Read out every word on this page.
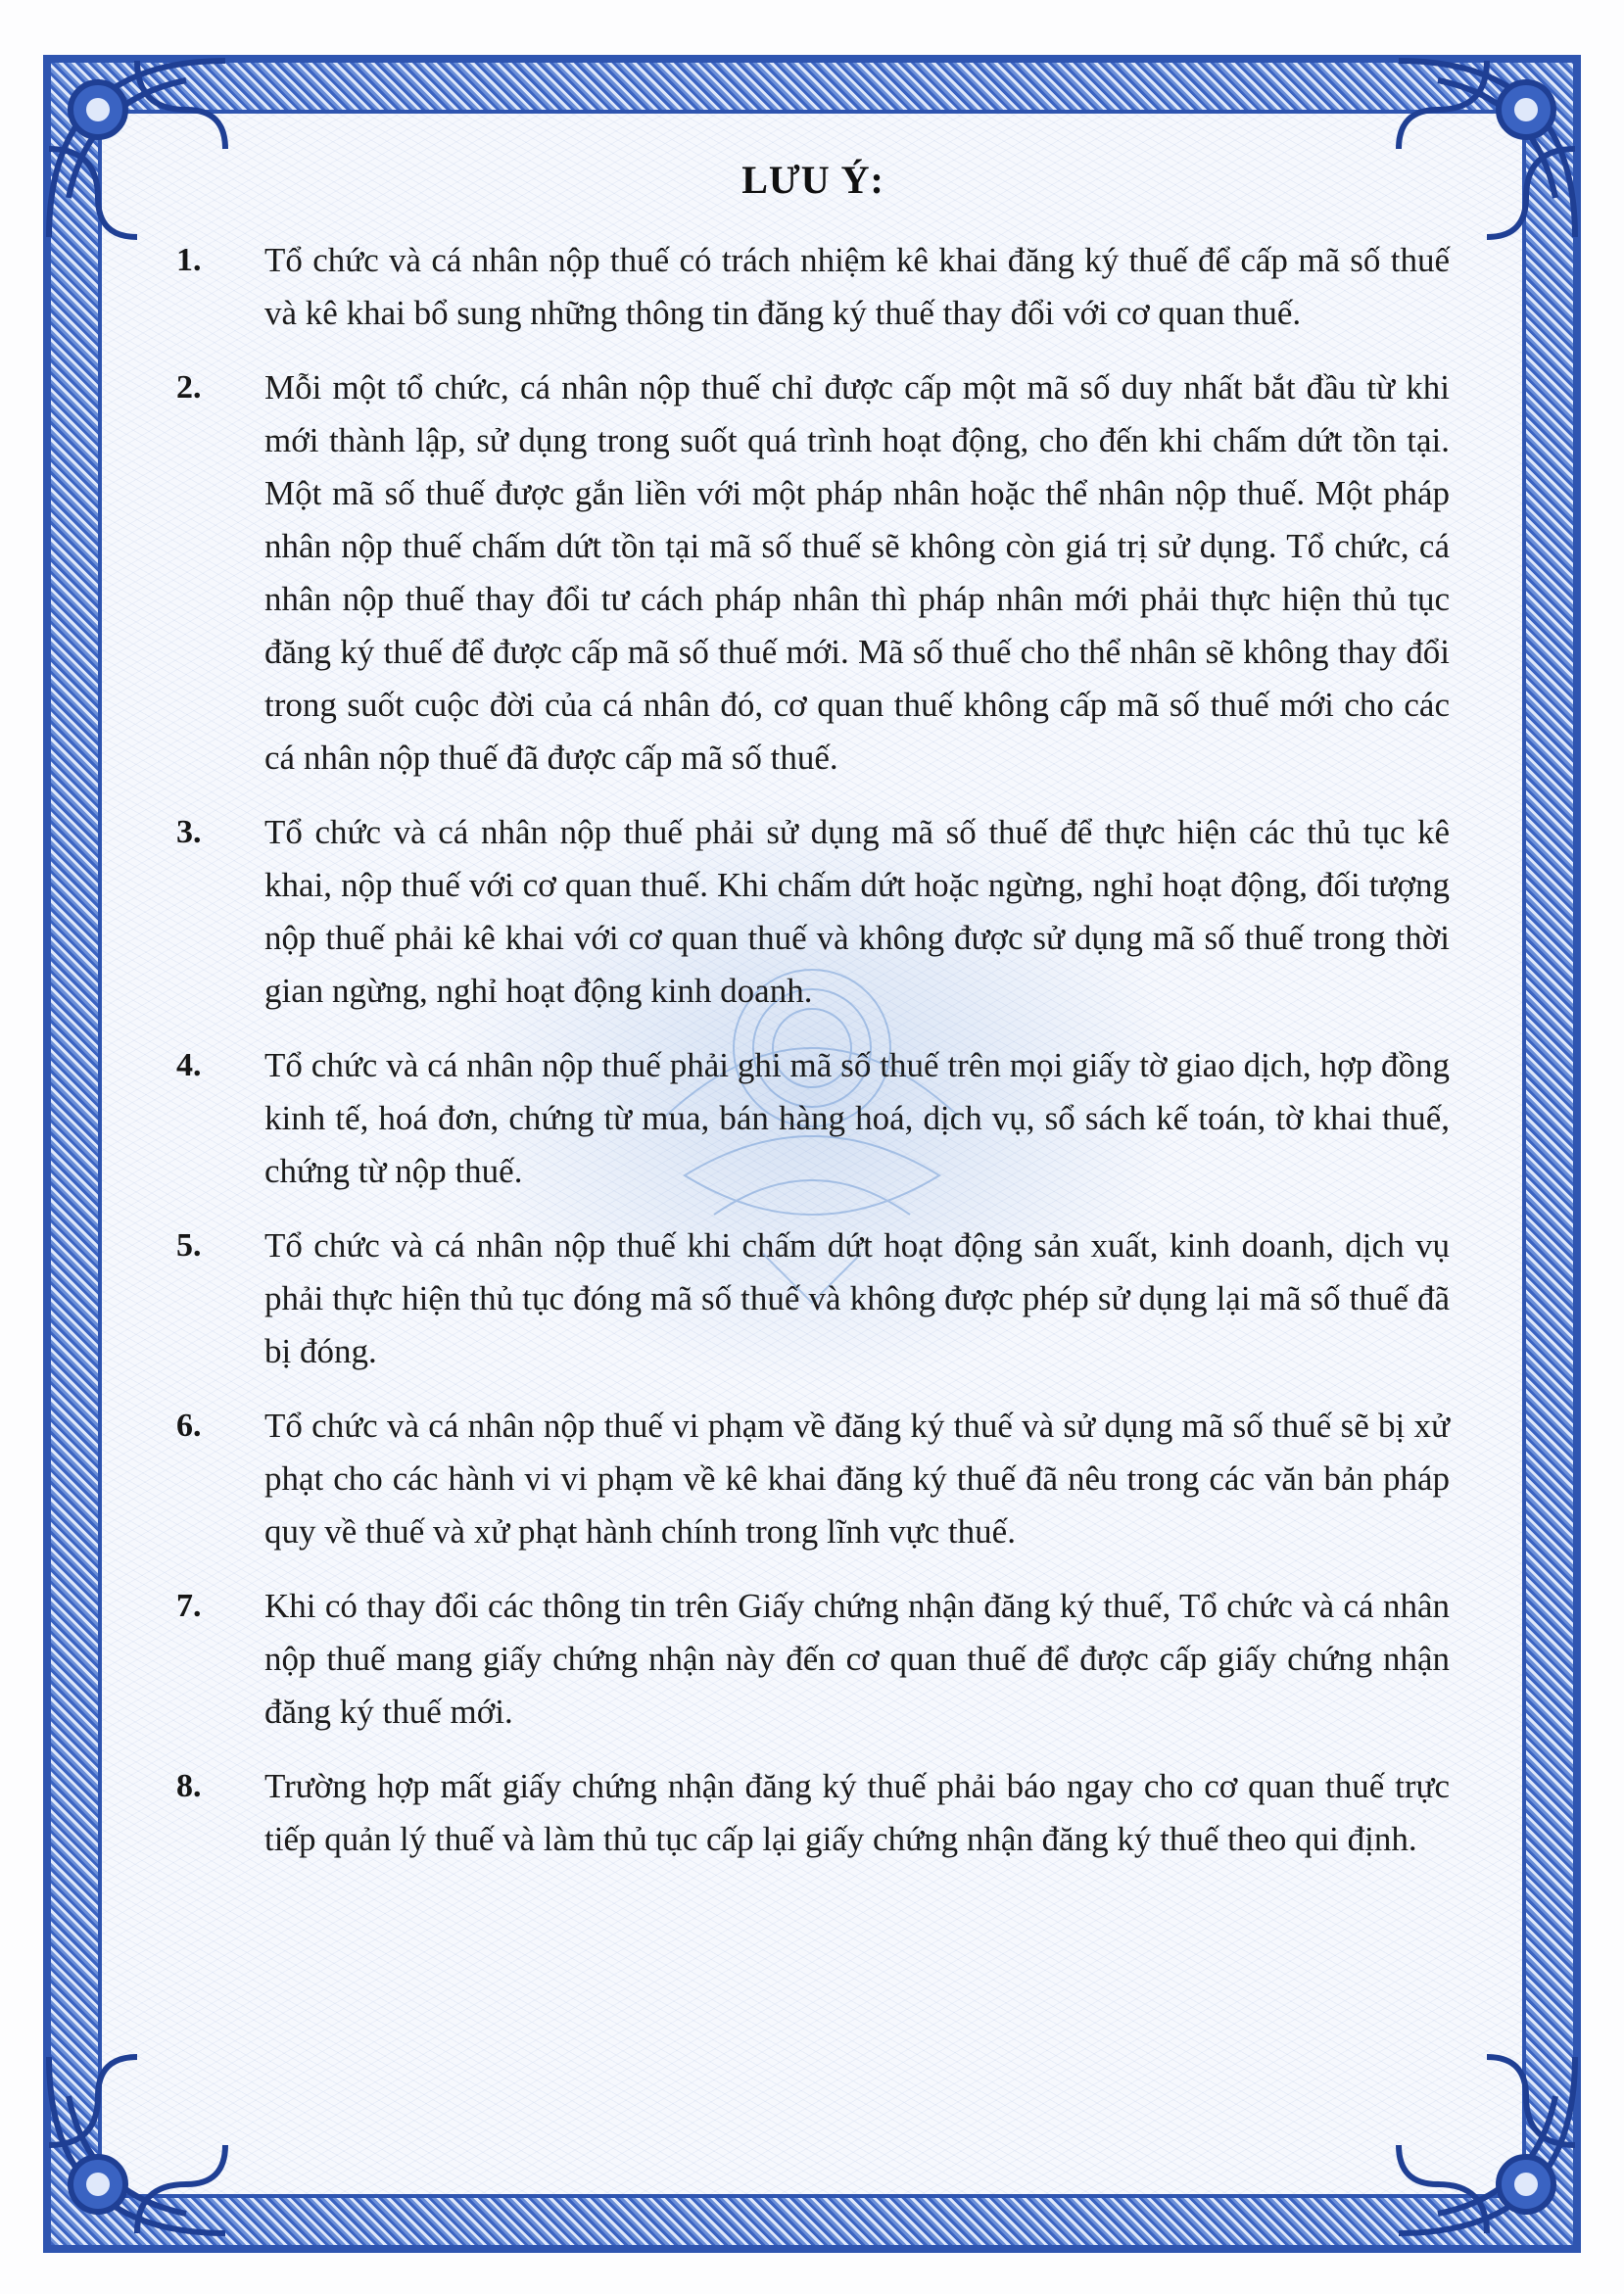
LƯU Ý:
1.	Tổ chức và cá nhân nộp thuế có trách nhiệm kê khai đăng ký thuế để cấp mã số thuế và kê khai bổ sung những thông tin đăng ký thuế thay đổi với cơ quan thuế.
2.	Mỗi một tổ chức, cá nhân nộp thuế chỉ được cấp một mã số duy nhất bắt đầu từ khi mới thành lập, sử dụng trong suốt quá trình hoạt động, cho đến khi chấm dứt tồn tại. Một mã số thuế được gắn liền với một pháp nhân hoặc thể nhân nộp thuế. Một pháp nhân nộp thuế chấm dứt tồn tại mã số thuế sẽ không còn giá trị sử dụng. Tổ chức, cá nhân nộp thuế thay đổi tư cách pháp nhân thì pháp nhân mới phải thực hiện thủ tục đăng ký thuế để được cấp mã số thuế mới. Mã số thuế cho thể nhân sẽ không thay đổi trong suốt cuộc đời của cá nhân đó, cơ quan thuế không cấp mã số thuế mới cho các cá nhân nộp thuế đã được cấp mã số thuế.
3.	Tổ chức và cá nhân nộp thuế phải sử dụng mã số thuế để thực hiện các thủ tục kê khai, nộp thuế với cơ quan thuế. Khi chấm dứt hoặc ngừng, nghỉ hoạt động, đối tượng nộp thuế phải kê khai với cơ quan thuế và không được sử dụng mã số thuế trong thời gian ngừng, nghỉ hoạt động kinh doanh.
4.	Tổ chức và cá nhân nộp thuế phải ghi mã số thuế trên mọi giấy tờ giao dịch, hợp đồng kinh tế, hoá đơn, chứng từ mua, bán hàng hoá, dịch vụ, sổ sách kế toán, tờ khai thuế, chứng từ nộp thuế.
5.	Tổ chức và cá nhân nộp thuế khi chấm dứt hoạt động sản xuất, kinh doanh, dịch vụ phải thực hiện thủ tục đóng mã số thuế và không được phép sử dụng lại mã số thuế đã bị đóng.
6.	Tổ chức và cá nhân nộp thuế vi phạm về đăng ký thuế và sử dụng mã số thuế sẽ bị xử phạt cho các hành vi vi phạm về kê khai đăng ký thuế đã nêu trong các văn bản pháp quy về thuế và xử phạt hành chính trong lĩnh vực thuế.
7.	Khi có thay đổi các thông tin trên Giấy chứng nhận đăng ký thuế, Tổ chức và cá nhân nộp thuế mang giấy chứng nhận này đến cơ quan thuế để được cấp giấy chứng nhận đăng ký thuế mới.
8.	Trường hợp mất giấy chứng nhận đăng ký thuế phải báo ngay cho cơ quan thuế trực tiếp quản lý thuế và làm thủ tục cấp lại giấy chứng nhận đăng ký thuế theo qui định.
